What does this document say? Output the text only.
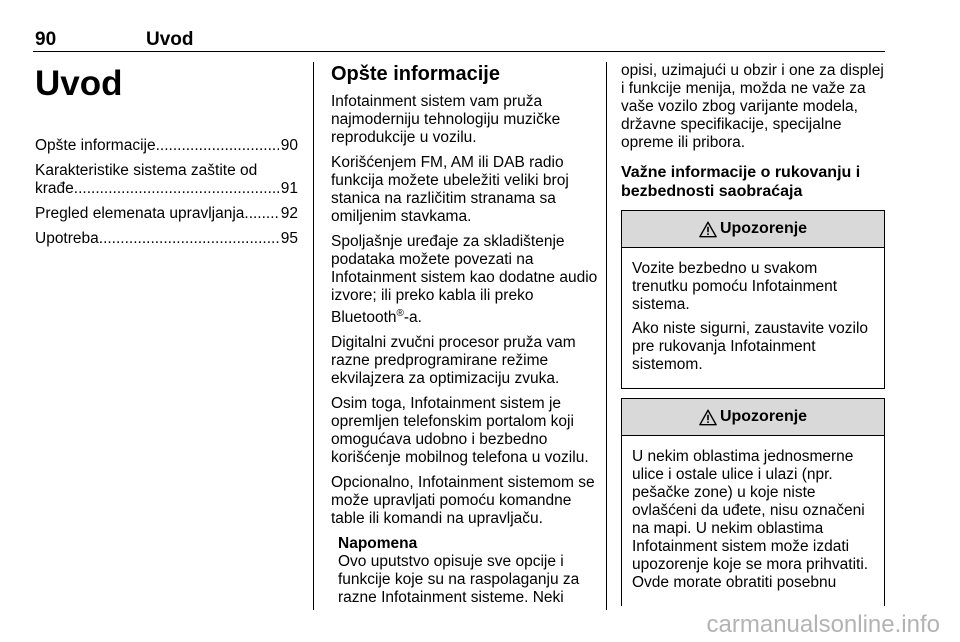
90	Uvod
Uvod
Opšte informacije .....	90
Karakteristike sistema zaštite od
krađe .....	91
Pregled elemenata upravljanja ..... 92
Upotreba .....	95
Opšte informacije

Infotainment sistem vam pruža najmoderniju tehnologiju muzičke reprodukcije u vozilu.

Korišćenjem FM, AM ili DAB radio funkcija možete ubeležiti veliki broj stanica na različitim stranama sa omiljenim stavkama.

Spoljašnje uređaje za skladištenje podataka možete povezati na Infotainment sistem kao dodatne audio izvore; ili preko kabla ili preko Bluetooth®-a.

Digitalni zvučni procesor pruža vam razne predprogramirane režime ekvilajzera za optimizaciju zvuka.

Osim toga, Infotainment sistem je opremljen telefonskim portalom koji omogućava udobno i bezbedno korišćenje mobilnog telefona u vozilu.

Opcionalno, Infotainment sistemom se može upravljati pomoću komandne table ili komandi na upravljaču.

Napomena
Ovo uputstvo opisuje sve opcije i funkcije koje su na raspolaganju za razne Infotainment sisteme. Neki

opisi, uzimajući u obzir i one za displej i funkcije menija, možda ne važe za vaše vozilo zbog varijante modela, državne specifikacije, specijalne opreme ili pribora.

Važne informacije o rukovanju i bezbednosti saobraćaja
Upozorenje

Vozite bezbedno u svakom trenutku pomoću Infotainment sistema.

Ako niste sigurni, zaustavite vozilo pre rukovanja Infotainment sistemom.

Upozorenje

U nekim oblastima jednosmerne ulice i ostale ulice i ulazi (npr. pešačke zone) u koje niste ovlašćeni da uđete, nisu označeni na mapi. U nekim oblastima Infotainment sistem može izdati upozorenje koje se mora prihvatiti. Ovde morate obratiti posebnu

carmanualsonline.info
